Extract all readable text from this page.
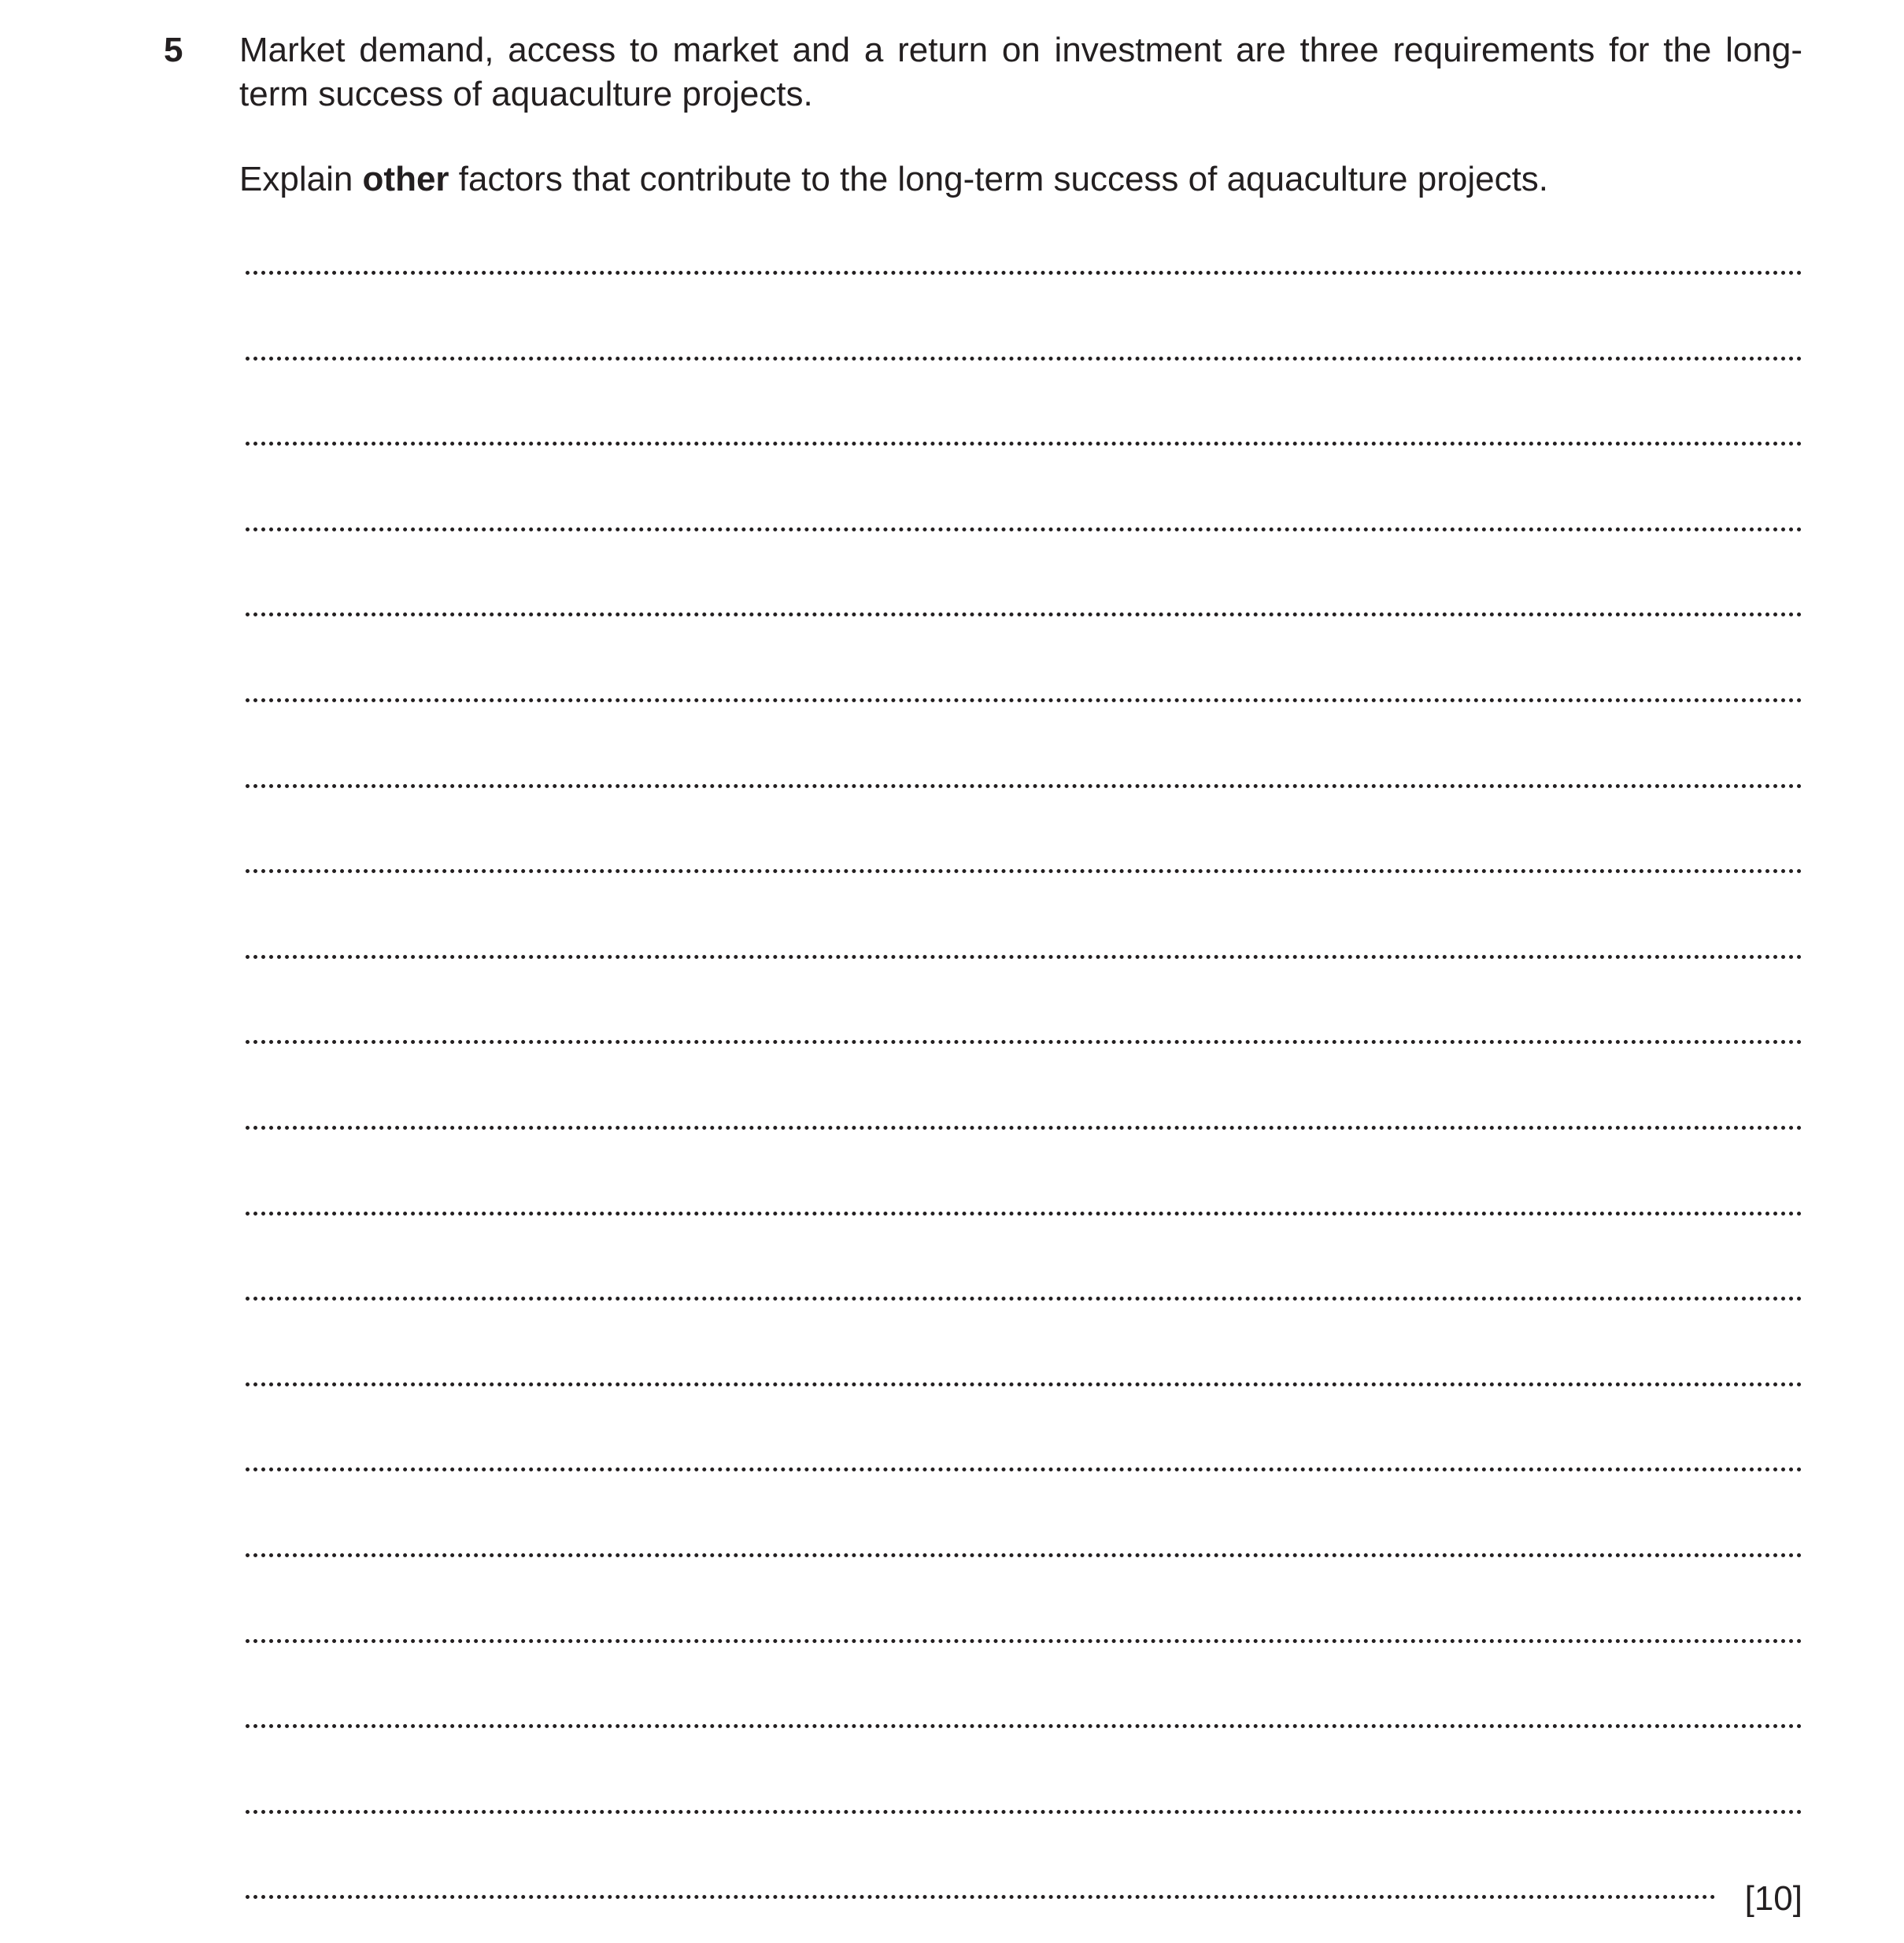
5 Market demand, access to market and a return on investment are three requirements for the long-term success of aquaculture projects.

Explain other factors that contribute to the long-term success of aquaculture projects.

[10]
